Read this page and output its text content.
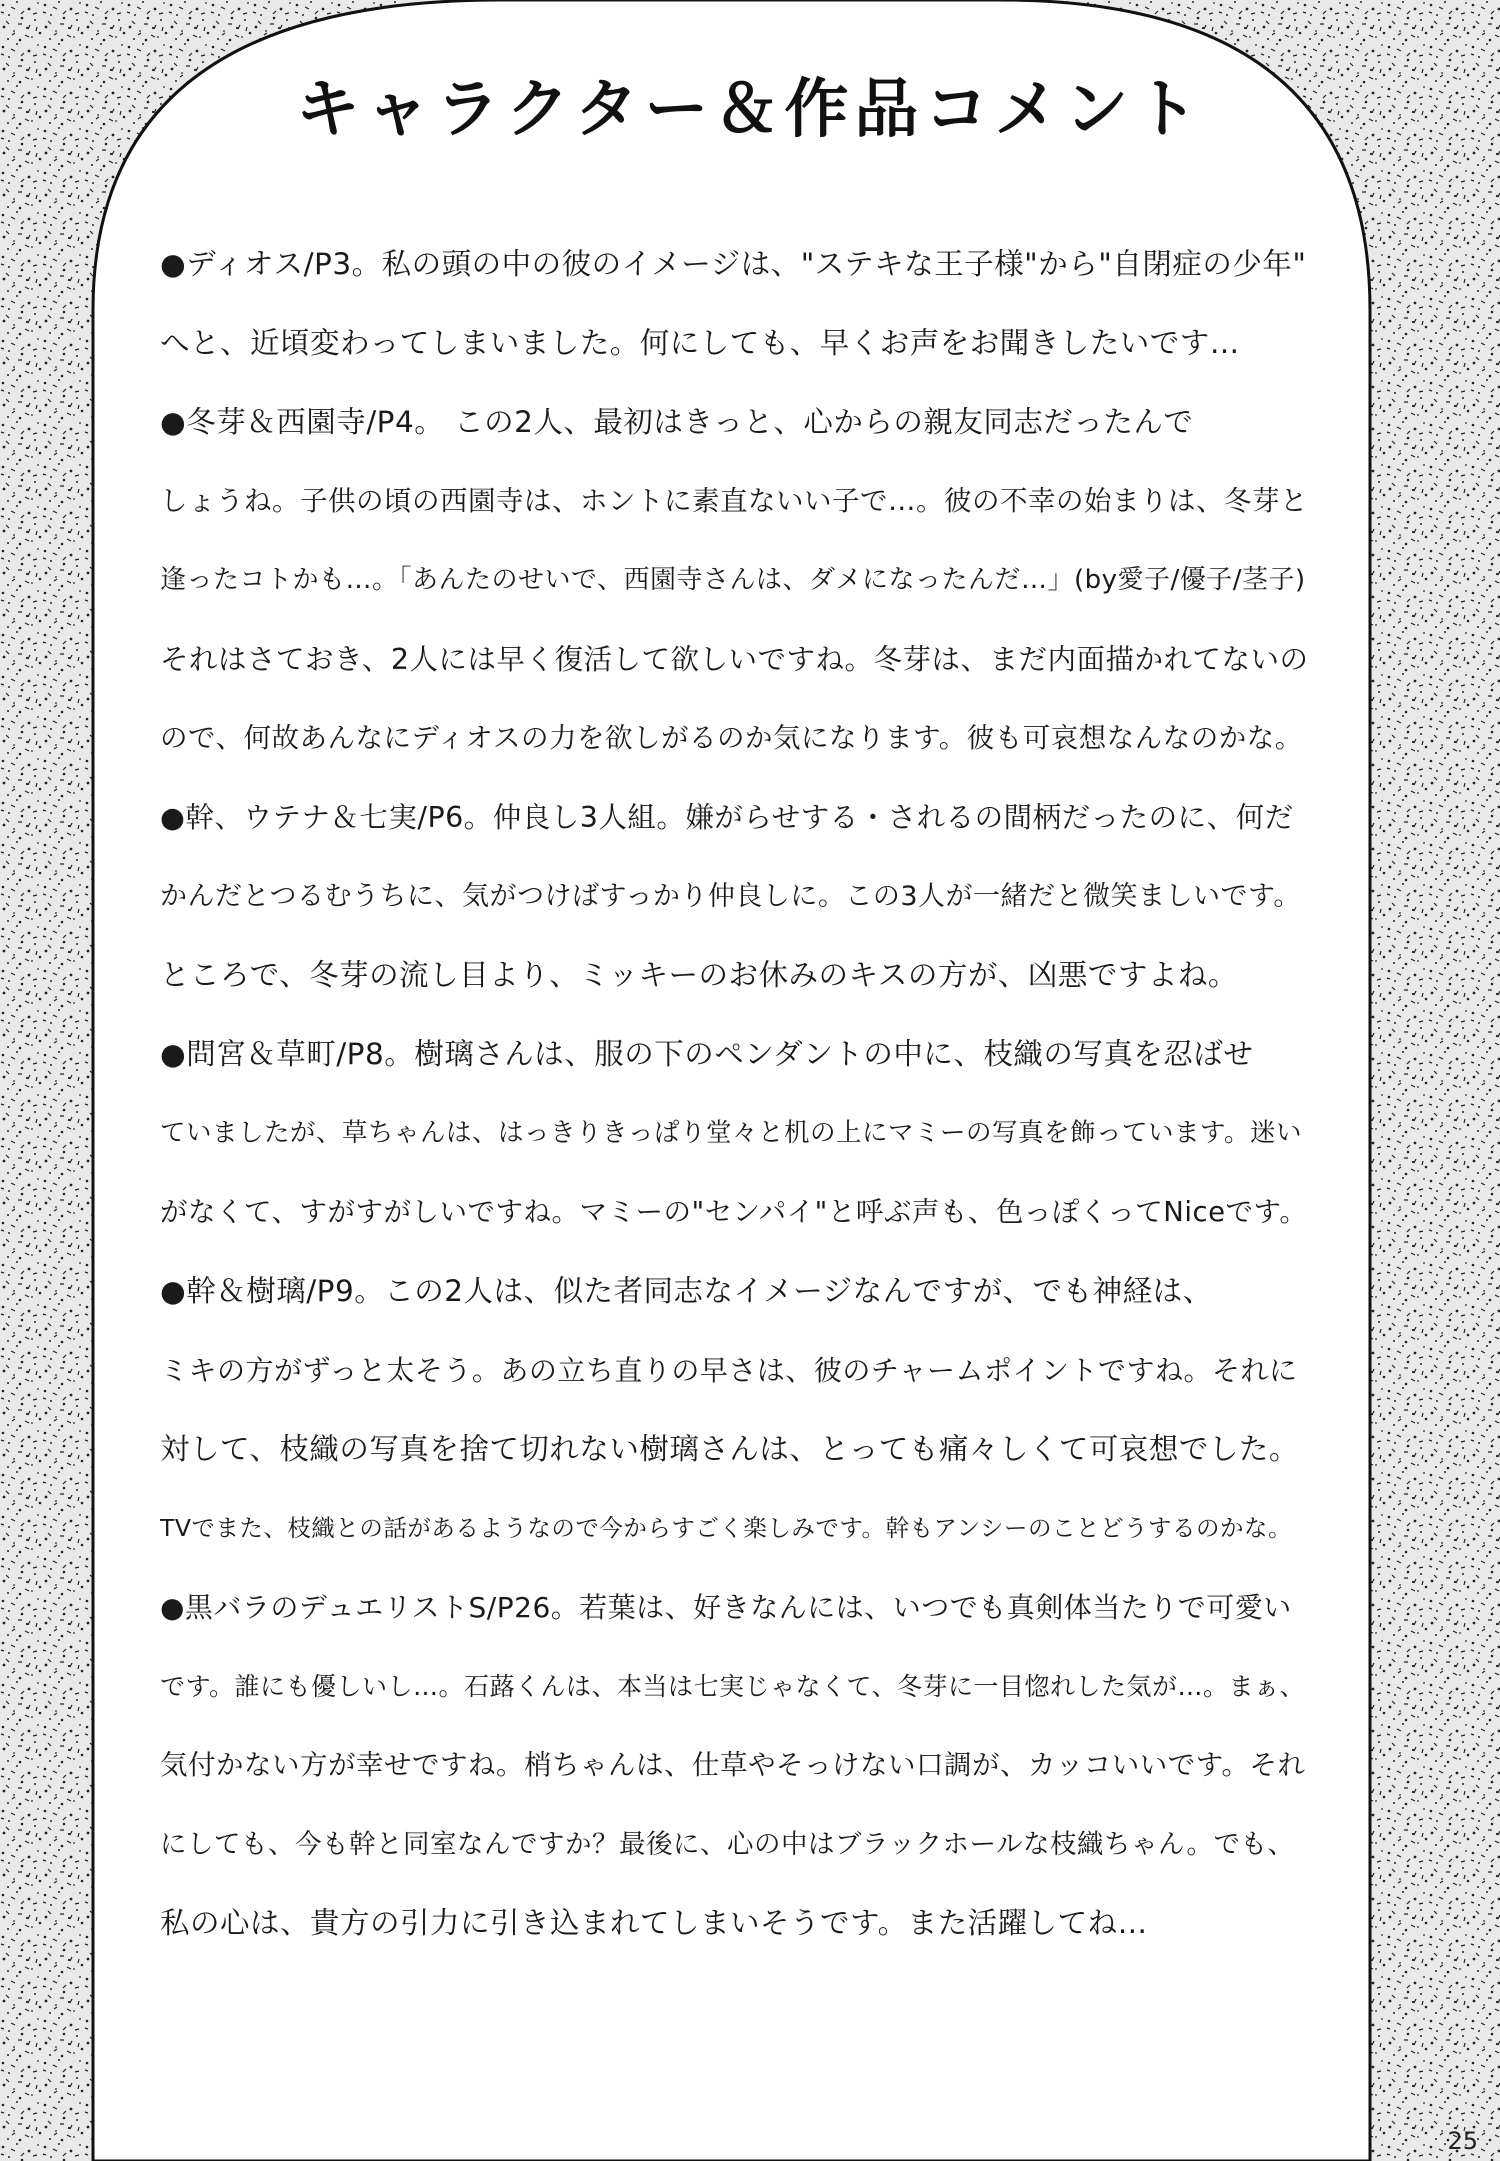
キャラクター＆作品コメント
●ディオス/P3。私の頭の中の彼のイメージは、"ステキな王子様"から"自閉症の少年"
へと、近頃変わってしまいました。何にしても、早くお声をお聞きしたいです…
●冬芽＆西園寺/P4。 この2人、最初はきっと、心からの親友同志だったんで
しょうね。子供の頃の西園寺は、ホントに素直ないい子で…。彼の不幸の始まりは、冬芽と
逢ったコトかも…。「あんたのせいで、西園寺さんは、ダメになったんだ…」(by愛子/優子/茎子)
それはさておき、2人には早く復活して欲しいですね。冬芽は、まだ内面描かれてないの
ので、何故あんなにディオスの力を欲しがるのか気になります。彼も可哀想なんなのかな。
●幹、ウテナ＆七実/P6。仲良し3人組。嫌がらせする・されるの間柄だったのに、何だ
かんだとつるむうちに、気がつけばすっかり仲良しに。この3人が一緒だと微笑ましいです。
ところで、冬芽の流し目より、ミッキーのお休みのキスの方が、凶悪ですよね。
●問宮＆草町/P8。樹璃さんは、服の下のペンダントの中に、枝織の写真を忍ばせ
ていましたが、草ちゃんは、はっきりきっぱり堂々と机の上にマミーの写真を飾っています。迷い
がなくて、すがすがしいですね。マミーの"センパイ"と呼ぶ声も、色っぽくってNiceです。
●幹＆樹璃/P9。この2人は、似た者同志なイメージなんですが、でも神経は、
ミキの方がずっと太そう。あの立ち直りの早さは、彼のチャームポイントですね。それに
対して、枝織の写真を捨て切れない樹璃さんは、とっても痛々しくて可哀想でした。
TVでまた、枝織との話があるようなので今からすごく楽しみです。幹もアンシーのことどうするのかな。
●黒バラのデュエリストS/P26。若葉は、好きなんには、いつでも真剣体当たりで可愛い
です。誰にも優しいし…。石蕗くんは、本当は七実じゃなくて、冬芽に一目惚れした気が…。まぁ、
気付かない方が幸せですね。梢ちゃんは、仕草やそっけない口調が、カッコいいです。それ
にしても、今も幹と同室なんですか？最後に、心の中はブラックホールな枝織ちゃん。でも、
私の心は、貴方の引力に引き込まれてしまいそうです。また活躍してね…
25
